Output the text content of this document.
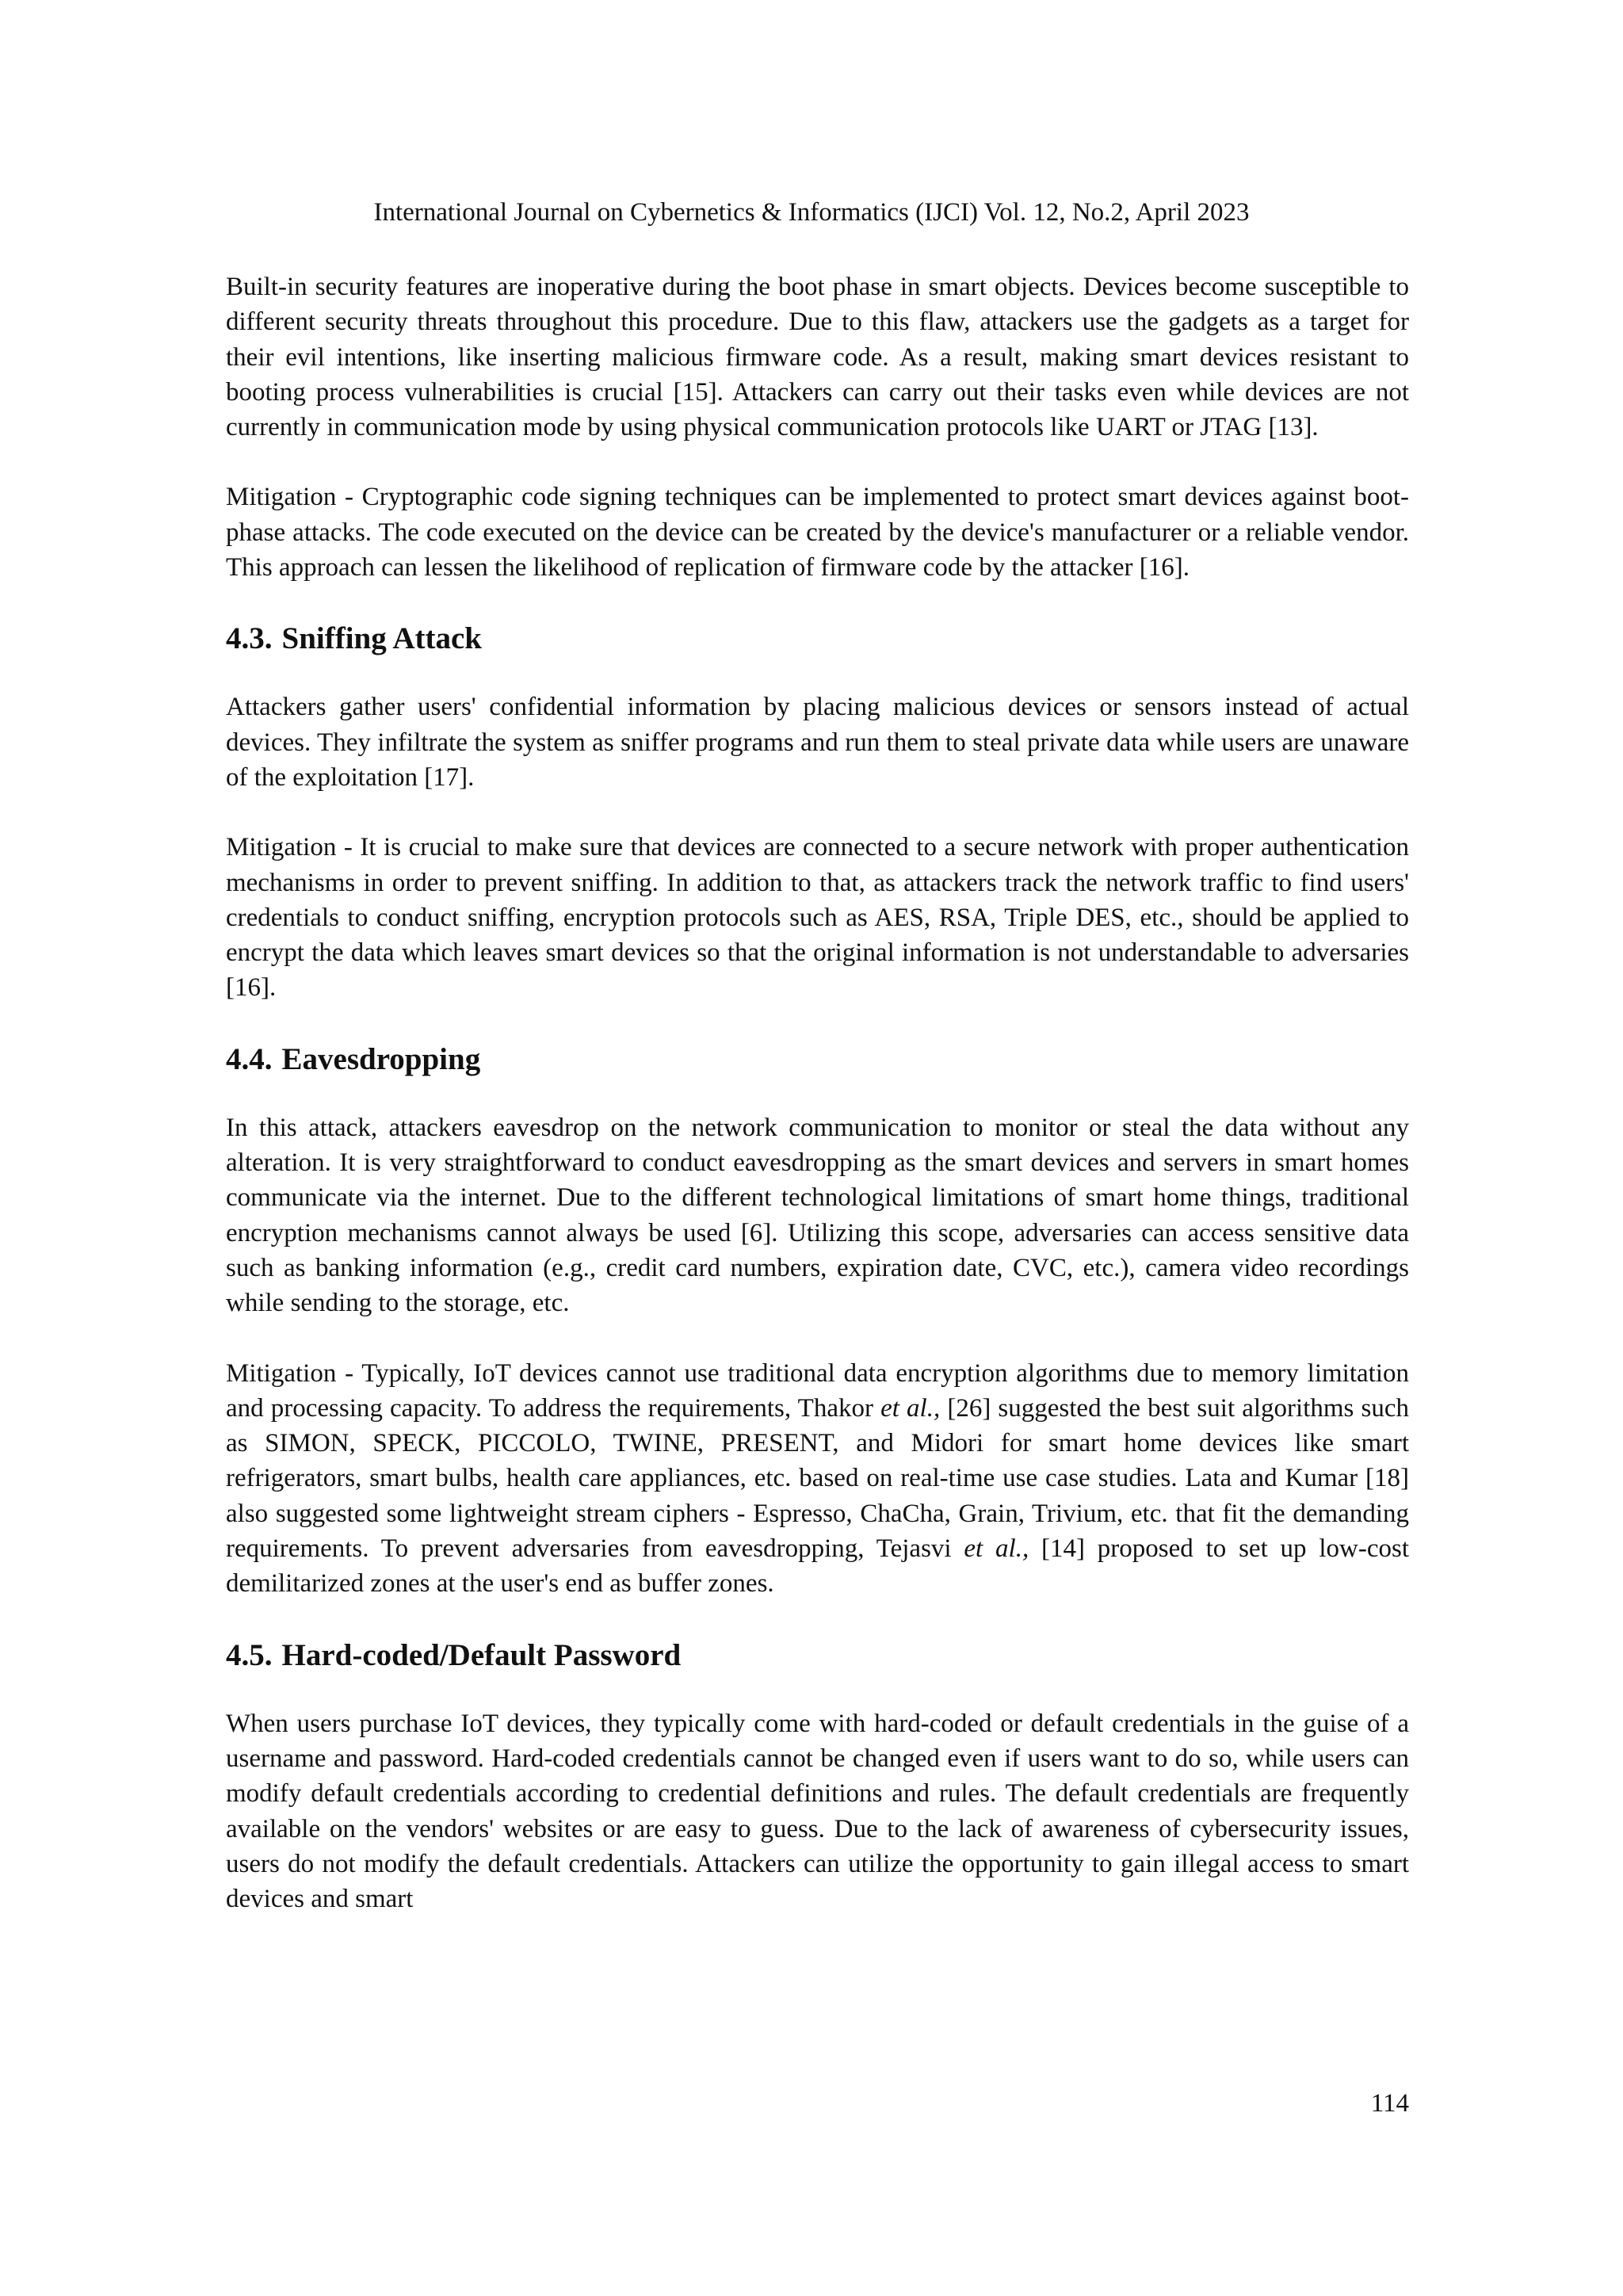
International Journal on Cybernetics & Informatics (IJCI) Vol. 12, No.2, April 2023

Built-in security features are inoperative during the boot phase in smart objects. Devices become susceptible to different security threats throughout this procedure. Due to this flaw, attackers use the gadgets as a target for their evil intentions, like inserting malicious firmware code. As a result, making smart devices resistant to booting process vulnerabilities is crucial [15]. Attackers can carry out their tasks even while devices are not currently in communication mode by using physical communication protocols like UART or JTAG [13].

Mitigation - Cryptographic code signing techniques can be implemented to protect smart devices against boot-phase attacks. The code executed on the device can be created by the device's manufacturer or a reliable vendor. This approach can lessen the likelihood of replication of firmware code by the attacker [16].

4.3. Sniffing Attack

Attackers gather users' confidential information by placing malicious devices or sensors instead of actual devices. They infiltrate the system as sniffer programs and run them to steal private data while users are unaware of the exploitation [17].

Mitigation - It is crucial to make sure that devices are connected to a secure network with proper authentication mechanisms in order to prevent sniffing. In addition to that, as attackers track the network traffic to find users' credentials to conduct sniffing, encryption protocols such as AES, RSA, Triple DES, etc., should be applied to encrypt the data which leaves smart devices so that the original information is not understandable to adversaries [16].

4.4. Eavesdropping

In this attack, attackers eavesdrop on the network communication to monitor or steal the data without any alteration. It is very straightforward to conduct eavesdropping as the smart devices and servers in smart homes communicate via the internet. Due to the different technological limitations of smart home things, traditional encryption mechanisms cannot always be used [6]. Utilizing this scope, adversaries can access sensitive data such as banking information (e.g., credit card numbers, expiration date, CVC, etc.), camera video recordings while sending to the storage, etc.

Mitigation - Typically, IoT devices cannot use traditional data encryption algorithms due to memory limitation and processing capacity. To address the requirements, Thakor et al., [26] suggested the best suit algorithms such as SIMON, SPECK, PICCOLO, TWINE, PRESENT, and Midori for smart home devices like smart refrigerators, smart bulbs, health care appliances, etc. based on real-time use case studies. Lata and Kumar [18] also suggested some lightweight stream ciphers - Espresso, ChaCha, Grain, Trivium, etc. that fit the demanding requirements. To prevent adversaries from eavesdropping, Tejasvi et al., [14] proposed to set up low-cost demilitarized zones at the user's end as buffer zones.

4.5. Hard-coded/Default Password

When users purchase IoT devices, they typically come with hard-coded or default credentials in the guise of a username and password. Hard-coded credentials cannot be changed even if users want to do so, while users can modify default credentials according to credential definitions and rules. The default credentials are frequently available on the vendors' websites or are easy to guess. Due to the lack of awareness of cybersecurity issues, users do not modify the default credentials. Attackers can utilize the opportunity to gain illegal access to smart devices and smart

114
